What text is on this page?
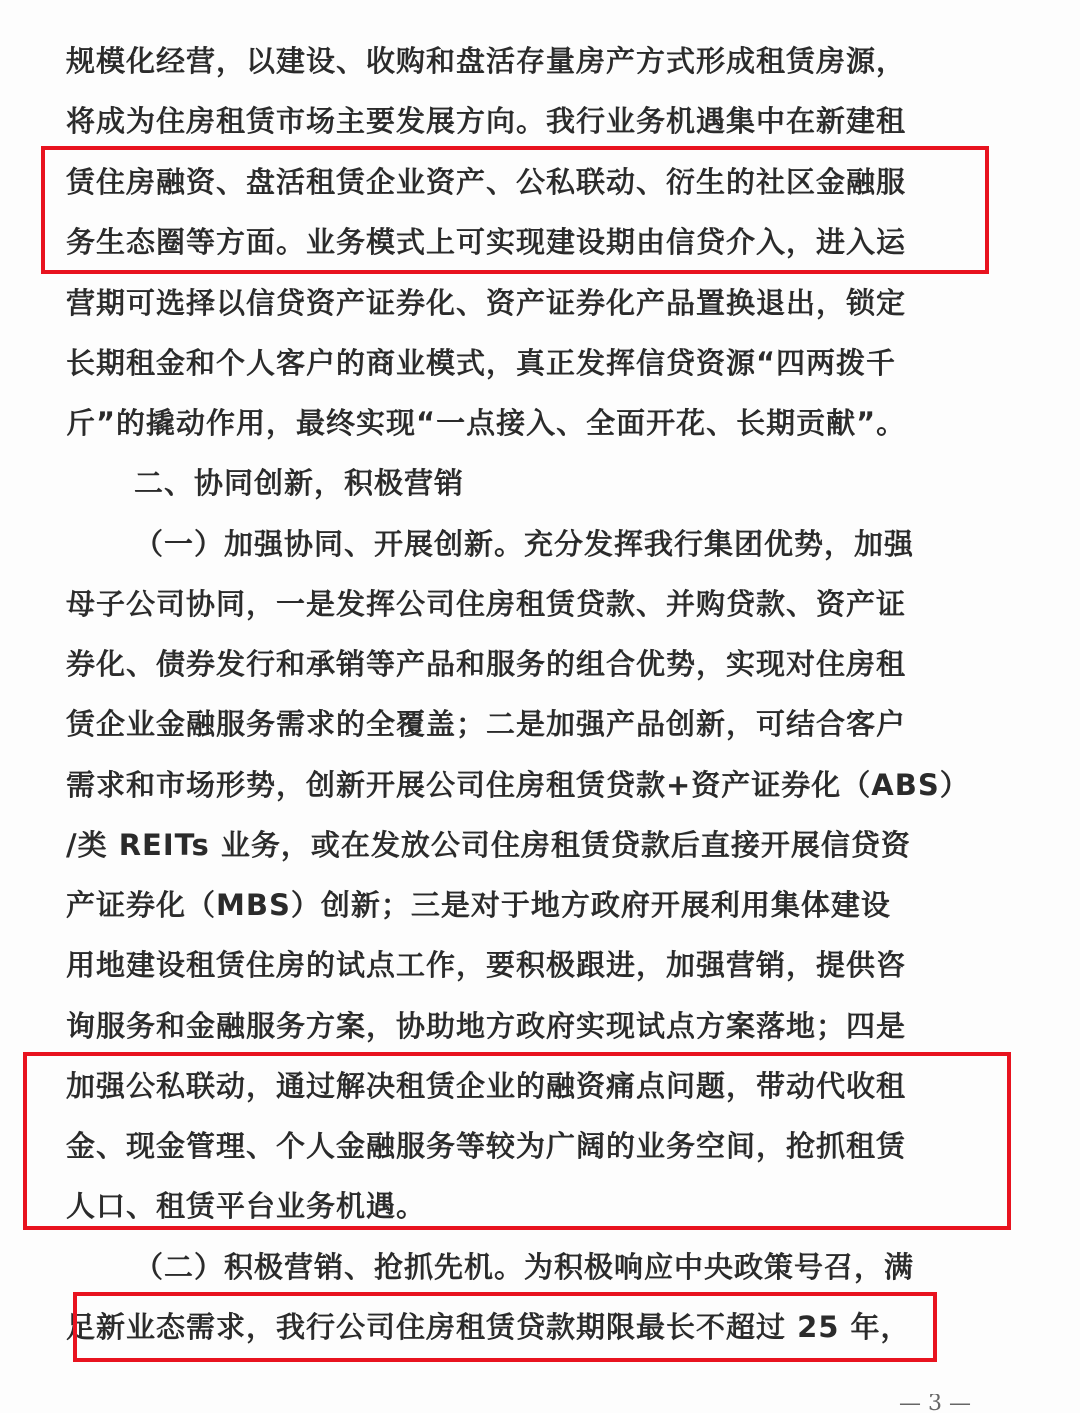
规模化经营，以建设、收购和盘活存量房产方式形成租赁房源，
将成为住房租赁市场主要发展方向。我行业务机遇集中在新建租
赁住房融资、盘活租赁企业资产、公私联动、衍生的社区金融服
务生态圈等方面。业务模式上可实现建设期由信贷介入，进入运
营期可选择以信贷资产证券化、资产证券化产品置换退出，锁定
长期租金和个人客户的商业模式，真正发挥信贷资源“四两拨千
斤”的撬动作用，最终实现“一点接入、全面开花、长期贡献”。
二、协同创新，积极营销
（一）加强协同、开展创新。充分发挥我行集团优势，加强
母子公司协同，一是发挥公司住房租赁贷款、并购贷款、资产证
券化、债券发行和承销等产品和服务的组合优势，实现对住房租
赁企业金融服务需求的全覆盖；二是加强产品创新，可结合客户
需求和市场形势，创新开展公司住房租赁贷款+资产证券化（ABS）
/类 REITs 业务，或在发放公司住房租赁贷款后直接开展信贷资
产证券化（MBS）创新；三是对于地方政府开展利用集体建设
用地建设租赁住房的试点工作，要积极跟进，加强营销，提供咨
询服务和金融服务方案，协助地方政府实现试点方案落地；四是
加强公私联动，通过解决租赁企业的融资痛点问题，带动代收租
金、现金管理、个人金融服务等较为广阔的业务空间，抢抓租赁
人口、租赁平台业务机遇。
（二）积极营销、抢抓先机。为积极响应中央政策号召，满
足新业态需求，我行公司住房租赁贷款期限最长不超过 25 年，
— 3 —
